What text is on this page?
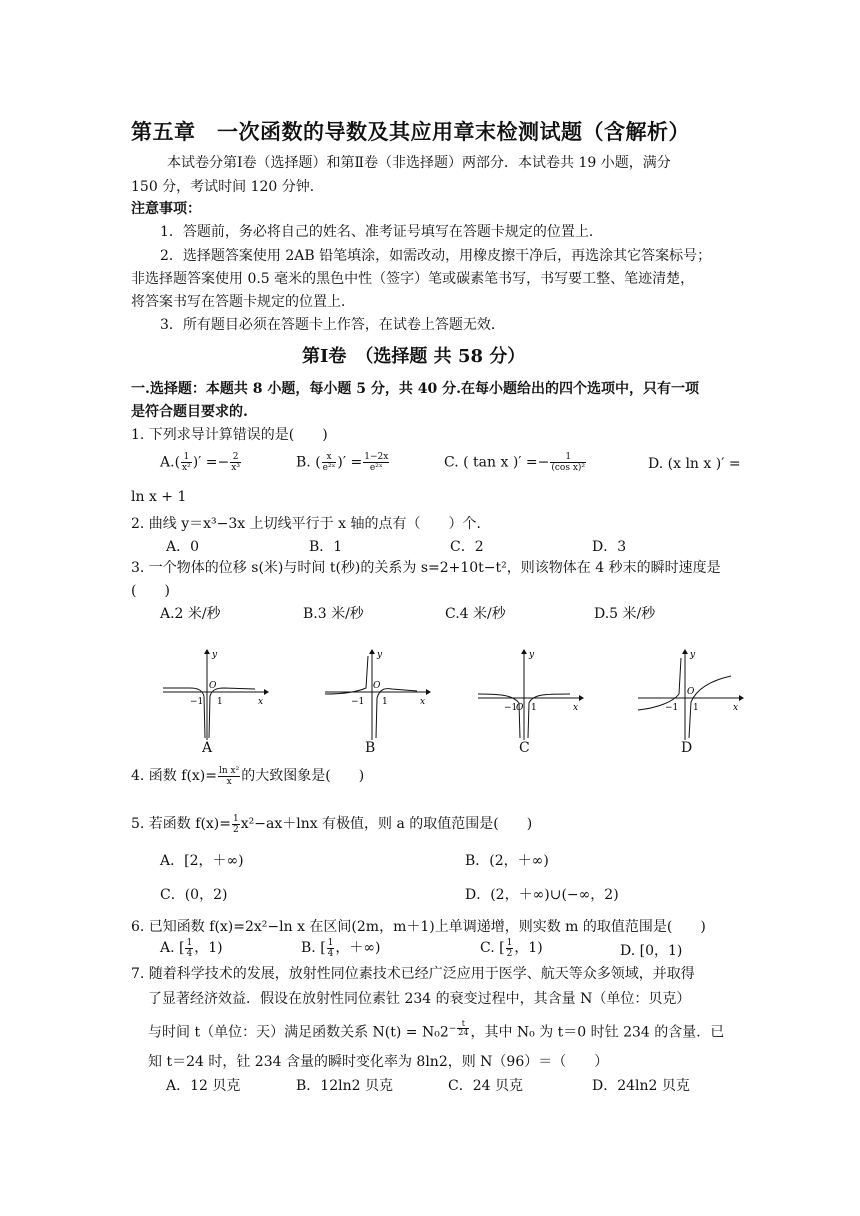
第五章　一次函数的导数及其应用章末检测试题（含解析）
本试卷分第Ⅰ卷（选择题）和第Ⅱ卷（非选择题）两部分．本试卷共 19 小题，满分
150 分，考试时间 120 分钟．
注意事项：
1．答题前，务必将自己的姓名、准考证号填写在答题卡规定的位置上．
2．选择题答案使用 2AB 铅笔填涂，如需改动，用橡皮擦干净后，再选涂其它答案标号；
非选择题答案使用 0.5 毫米的黑色中性（签字）笔或碳素笔书写，书写要工整、笔迹清楚，
将答案书写在答题卡规定的位置上．
3．所有题目必须在答题卡上作答，在试卷上答题无效．
第Ⅰ卷　（选择题 共 58 分）
一.选择题：本题共 8 小题，每小题 5 分，共 40 分.在每小题给出的四个选项中，只有一项
是符合题目要求的.
1. 下列求导计算错误的是(　　)
$A.( \frac{1}{\text{x²}}$ )′ =− $\frac{2}{\text{x³}}$	B. ( $\frac{x}{\text{e²ˣ}}$ )′ = $\frac{1-2x}{\text{e²ˣ}}$	C. ( tan x )′ =− $\frac{1}{\text{(cos x)²}}$	D. (x ln x )′ =
ln x + 1
2. 曲线 y＝x³−3x 上切线平行于 x 轴的点有（　　）个．
A．0	B．1	C．2	D．3
3. 一个物体的位移 s(米)与时间 t(秒)的关系为 s=2+10t−t²，则该物体在 4 秒末的瞬时速度是
(　　)
A.2 米/秒	B.3 米/秒	C.4 米/秒	D.5 米/秒
y
x
O
−1 1
A
y
x
O
−1 1
B
y
x
O
−1 1
C
y
x
O
−1 1
D
4. 函数 $f(x)= \frac{\text{ln x²}}{x}$ 的大致图象是(　　)
5. 若函数 $f(x)= \frac{1}{2} x^2-ax+\ln x$ 有极值，则 a 的取值范围是(　　)
A．[2，＋∞)	B．(2，＋∞)
C．(0，2)	D．(2，＋∞)∪(−∞，2)
6. 已知函数 f(x)=2x²−ln x 在区间(2m，m＋1)上单调递增，则实数 m 的取值范围是(　　)
A. [ $\frac{1}{4}$ ，1)	B. [ $\frac{1}{4}$ ，＋∞)	C. [ $\frac{1}{2}$ ，1)	D. [0，1)
7. 随着科学技术的发展，放射性同位素技术已经广泛应用于医学、航天等众多领域，并取得
了显著经济效益．假设在放射性同位素钍 234 的衰变过程中，其含量 N（单位：贝克）
与时间 t（单位：天）满足函数关系 $N(t) = N_02^{- \frac{t}{24}}$ ，其中 N₀ 为 t＝0 时钍 234 的含量．已
知 t＝24 时，钍 234 含量的瞬时变化率为 8ln2，则 N（96）＝（　　）
A．12 贝克	B．12ln2 贝克	C．24 贝克	D．24ln2 贝克
